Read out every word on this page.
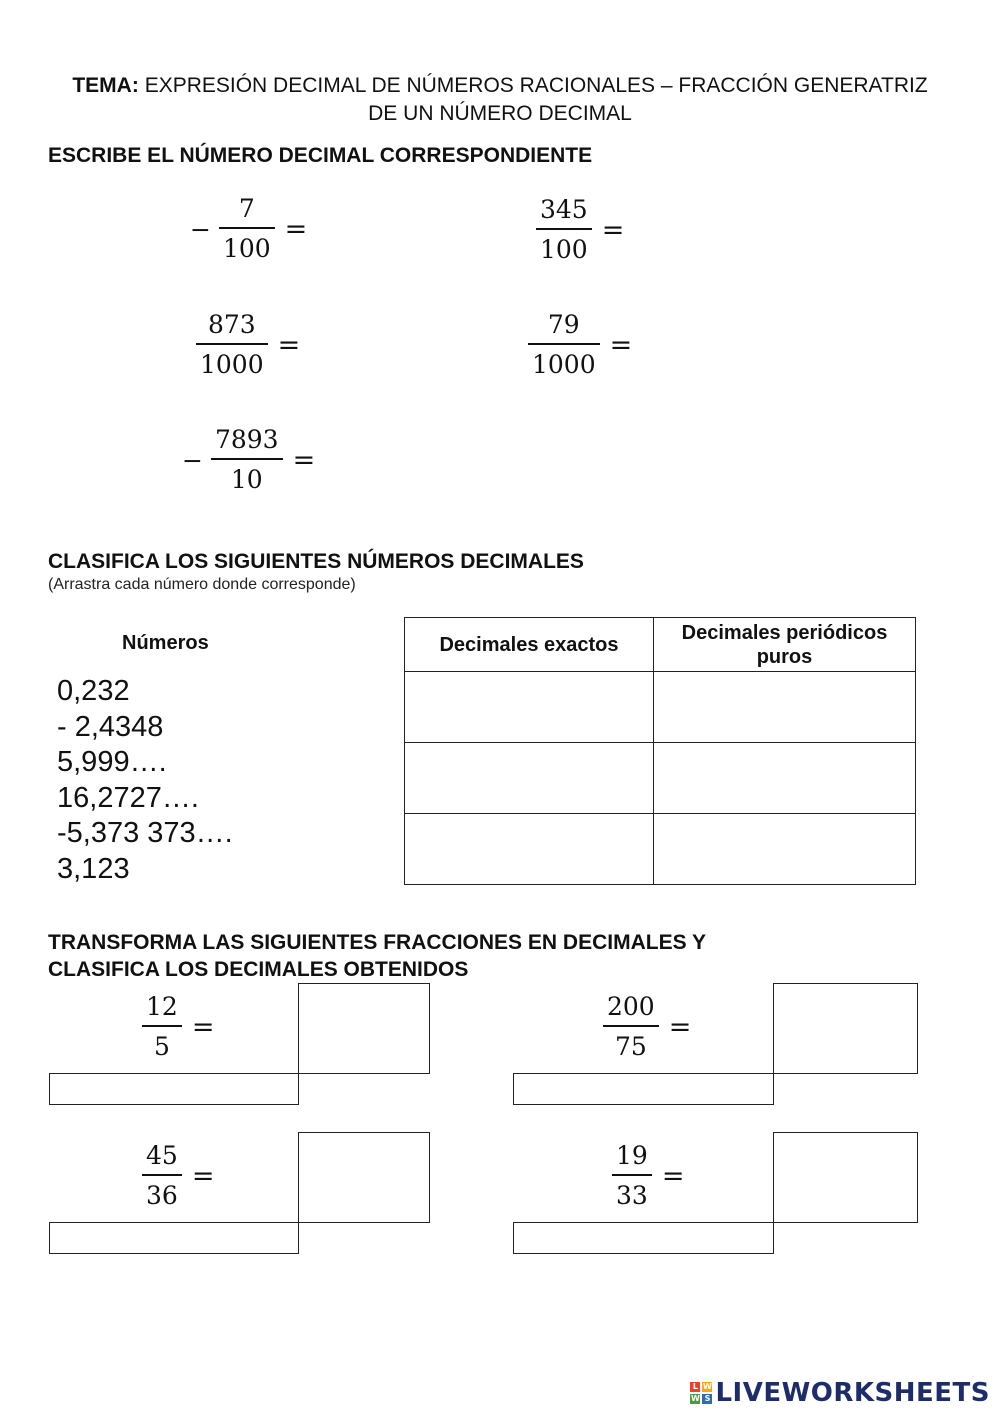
TEMA: EXPRESIÓN DECIMAL DE NÚMEROS RACIONALES – FRACCIÓN GENERATRIZ DE UN NÚMERO DECIMAL
ESCRIBE EL NÚMERO DECIMAL CORRESPONDIENTE
− $\frac{7}{100}$ =	$\frac{345}{100}$ =
$\frac{873}{1000}$ =	$\frac{79}{1000}$ =
− $\frac{7893}{10}$ =
CLASIFICA LOS SIGUIENTES NÚMEROS DECIMALES
(Arrastra cada número donde corresponde)
Números
0,232
- 2,4348
5,999….
16,2727….
-5,373 373….
3,123
Decimales exactos	Decimales periódicos puros

TRANSFORMA LAS SIGUIENTES FRACCIONES EN DECIMALES Y
CLASIFICA LOS DECIMALES OBTENIDOS
$\frac{12}{5}$ =	$\frac{200}{75}$ =
$\frac{45}{36}$ =	$\frac{19}{33}$ =
L W
W S LIVEWORKSHEETS
